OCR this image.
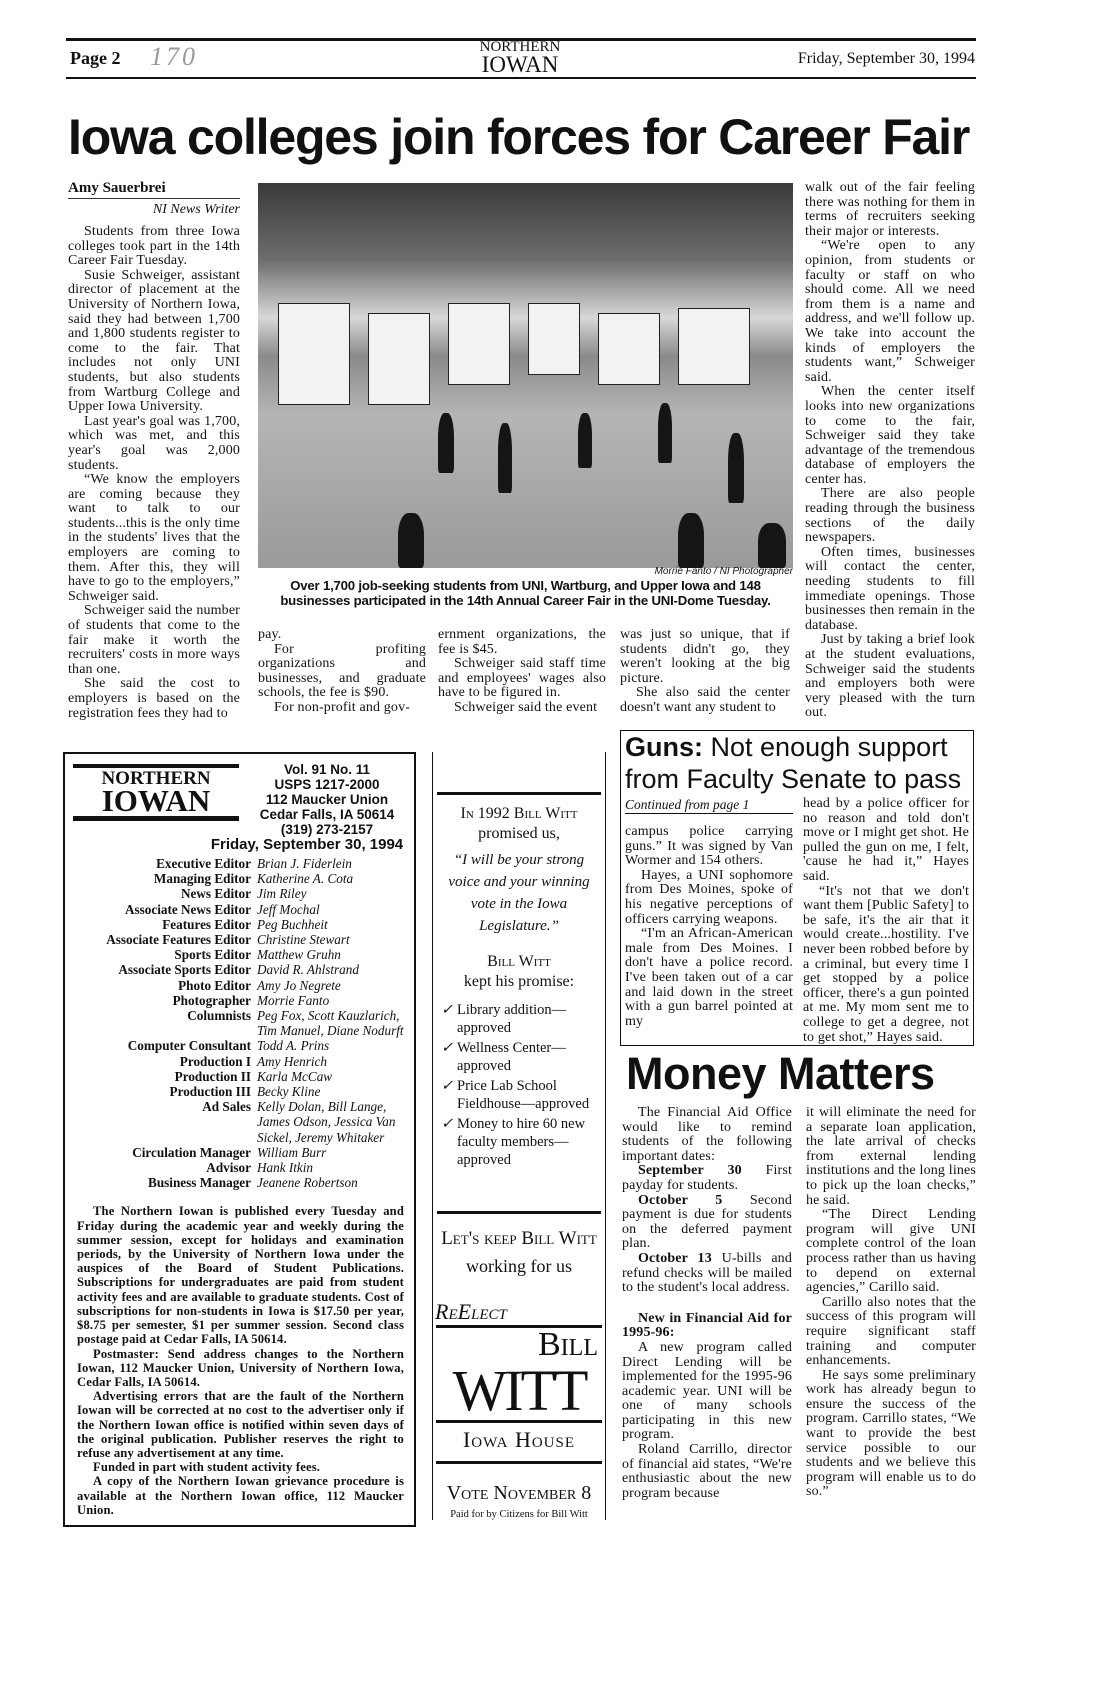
Page 2 170	NORTHERN
IOWAN	Friday, September 30, 1994
Iowa colleges join forces for Career Fair
Amy Sauerbrei
NI News Writer

Students from three Iowa colleges took part in the 14th Career Fair Tuesday.

Susie Schweiger, assistant director of placement at the University of Northern Iowa, said they had between 1,700 and 1,800 students register to come to the fair. That includes not only UNI students, but also students from Wartburg College and Upper Iowa University.

Last year's goal was 1,700, which was met, and this year's goal was 2,000 students.

“We know the employers are coming because they want to talk to our students...this is the only time in the students' lives that the employers are coming to them. After this, they will have to go to the employers,” Schweiger said.

Schweiger said the number of students that come to the fair make it worth the recruiters' costs in more ways than one.

She said the cost to employers is based on the registration fees they had to

Morrie Fanto / NI Photographer
Over 1,700 job-seeking students from UNI, Wartburg, and Upper Iowa and 148 businesses participated in the 14th Annual Career Fair in the UNI-Dome Tuesday.

pay.

For profiting organizations and businesses, and graduate schools, the fee is $90.

For non-profit and gov-

ernment organizations, the fee is $45.

Schweiger said staff time and employees' wages also have to be figured in.

Schweiger said the event

was just so unique, that if students didn't go, they weren't looking at the big picture.

She also said the center doesn't want any student to

walk out of the fair feeling there was nothing for them in terms of recruiters seeking their major or interests.

“We're open to any opinion, from students or faculty or staff on who should come. All we need from them is a name and address, and we'll follow up. We take into account the kinds of employers the students want,” Schweiger said.

When the center itself looks into new organizations to come to the fair, Schweiger said they take advantage of the tremendous database of employers the center has.

There are also people reading through the business sections of the daily newspapers.

Often times, businesses will contact the center, needing students to fill immediate openings. Those businesses then remain in the database.

Just by taking a brief look at the student evaluations, Schweiger said the students and employers both were very pleased with the turn out.

NORTHERN
IOWAN
Vol. 91 No. 11
USPS 1217-2000
112 Maucker Union
Cedar Falls, IA 50614
(319) 273-2157
Friday, September 30, 1994
Executive Editor Brian J. Fiderlein
Managing Editor Katherine A. Cota
News Editor Jim Riley
Associate News Editor Jeff Mochal
Features Editor Peg Buchheit
Associate Features Editor Christine Stewart
Sports Editor Matthew Gruhn
Associate Sports Editor David R. Ahlstrand
Photo Editor Amy Jo Negrete
Photographer Morrie Fanto
Columnists Peg Fox, Scott Kauzlarich, Tim Manuel, Diane Nodurft
Computer Consultant Todd A. Prins
Production I Amy Henrich
Production II Karla McCaw
Production III Becky Kline
Ad Sales Kelly Dolan, Bill Lange, James Odson, Jessica Van Sickel, Jeremy Whitaker
Circulation Manager William Burr
Advisor Hank Itkin
Business Manager Jeanene Robertson

The Northern Iowan is published every Tuesday and Friday during the academic year and weekly during the summer session, except for holidays and examination periods, by the University of Northern Iowa under the auspices of the Board of Student Publications. Subscriptions for undergraduates are paid from student activity fees and are available to graduate students. Cost of subscriptions for non-students in Iowa is $17.50 per year, $8.75 per semester, $1 per summer session. Second class postage paid at Cedar Falls, IA 50614.

Postmaster: Send address changes to the Northern Iowan, 112 Maucker Union, University of Northern Iowa, Cedar Falls, IA 50614.

Advertising errors that are the fault of the Northern Iowan will be corrected at no cost to the advertiser only if the Northern Iowan office is notified within seven days of the original publication. Publisher reserves the right to refuse any advertisement at any time.

Funded in part with student activity fees.

A copy of the Northern Iowan grievance procedure is available at the Northern Iowan office, 112 Maucker Union.

In 1992 Bill Witt
promised us,
“I will be your strong voice and your winning vote in the Iowa Legislature.”
Bill Witt
kept his promise:
✓ Library addition—approved
✓ Wellness Center—approved
✓ Price Lab School Fieldhouse—approved
✓ Money to hire 60 new faculty members—approved
Let's keep Bill Witt
working for us
ReElect
Bill
WITT
Iowa House
Vote November 8
Paid for by Citizens for Bill Witt
Guns: Not enough support from Faculty Senate to pass
Continued from page 1

campus police carrying guns.” It was signed by Van Wormer and 154 others.

Hayes, a UNI sophomore from Des Moines, spoke of his negative perceptions of officers carrying weapons.

“I'm an African-American male from Des Moines. I don't have a police record. I've been taken out of a car and laid down in the street with a gun barrel pointed at my

head by a police officer for no reason and told don't move or I might get shot. He pulled the gun on me, I felt, 'cause he had it,” Hayes said.

“It's not that we don't want them [Public Safety] to be safe, it's the air that it would create...hostility. I've never been robbed before by a criminal, but every time I get stopped by a police officer, there's a gun pointed at me. My mom sent me to college to get a degree, not to get shot,” Hayes said.

Money Matters

The Financial Aid Office would like to remind students of the following important dates:

September 30 First payday for students.

October 5 Second payment is due for students on the deferred payment plan.

October 13 U-bills and refund checks will be mailed to the student's local address.

New in Financial Aid for 1995-96:

A new program called Direct Lending will be implemented for the 1995-96 academic year. UNI will be one of many schools participating in this new program.

Roland Carrillo, director of financial aid states, “We're enthusiastic about the new program because

it will eliminate the need for a separate loan application, the late arrival of checks from external lending institutions and the long lines to pick up the loan checks,” he said.

“The Direct Lending program will give UNI complete control of the loan process rather than us having to depend on external agencies,” Carillo said.

Carillo also notes that the success of this program will require significant staff training and computer enhancements.

He says some preliminary work has already begun to ensure the success of the program. Carrillo states, “We want to provide the best service possible to our students and we believe this program will enable us to do so.”
